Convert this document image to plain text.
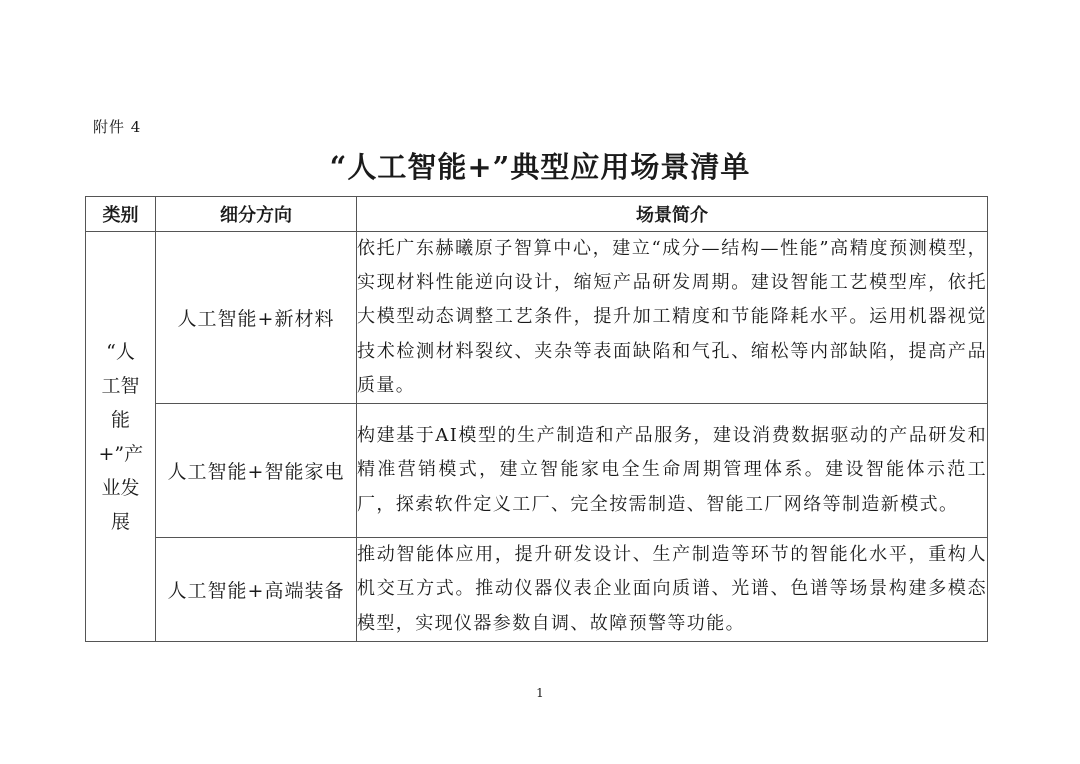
附件 4
“人工智能+”典型应用场景清单
类别	细分方向	场景简介
“人工智能+”产业发展	人工智能+新材料	依托广东赫曦原子智算中心，建立“成分—结构—性能”高精度预测模型，实现材料性能逆向设计，缩短产品研发周期。建设智能工艺模型库，依托大模型动态调整工艺条件，提升加工精度和节能降耗水平。运用机器视觉技术检测材料裂纹、夹杂等表面缺陷和气孔、缩松等内部缺陷，提高产品质量。
	人工智能+智能家电	构建基于AI模型的生产制造和产品服务，建设消费数据驱动的产品研发和精准营销模式，建立智能家电全生命周期管理体系。建设智能体示范工厂，探索软件定义工厂、完全按需制造、智能工厂网络等制造新模式。
	人工智能+高端装备	推动智能体应用，提升研发设计、生产制造等环节的智能化水平，重构人机交互方式。推动仪器仪表企业面向质谱、光谱、色谱等场景构建多模态模型，实现仪器参数自调、故障预警等功能。
1
